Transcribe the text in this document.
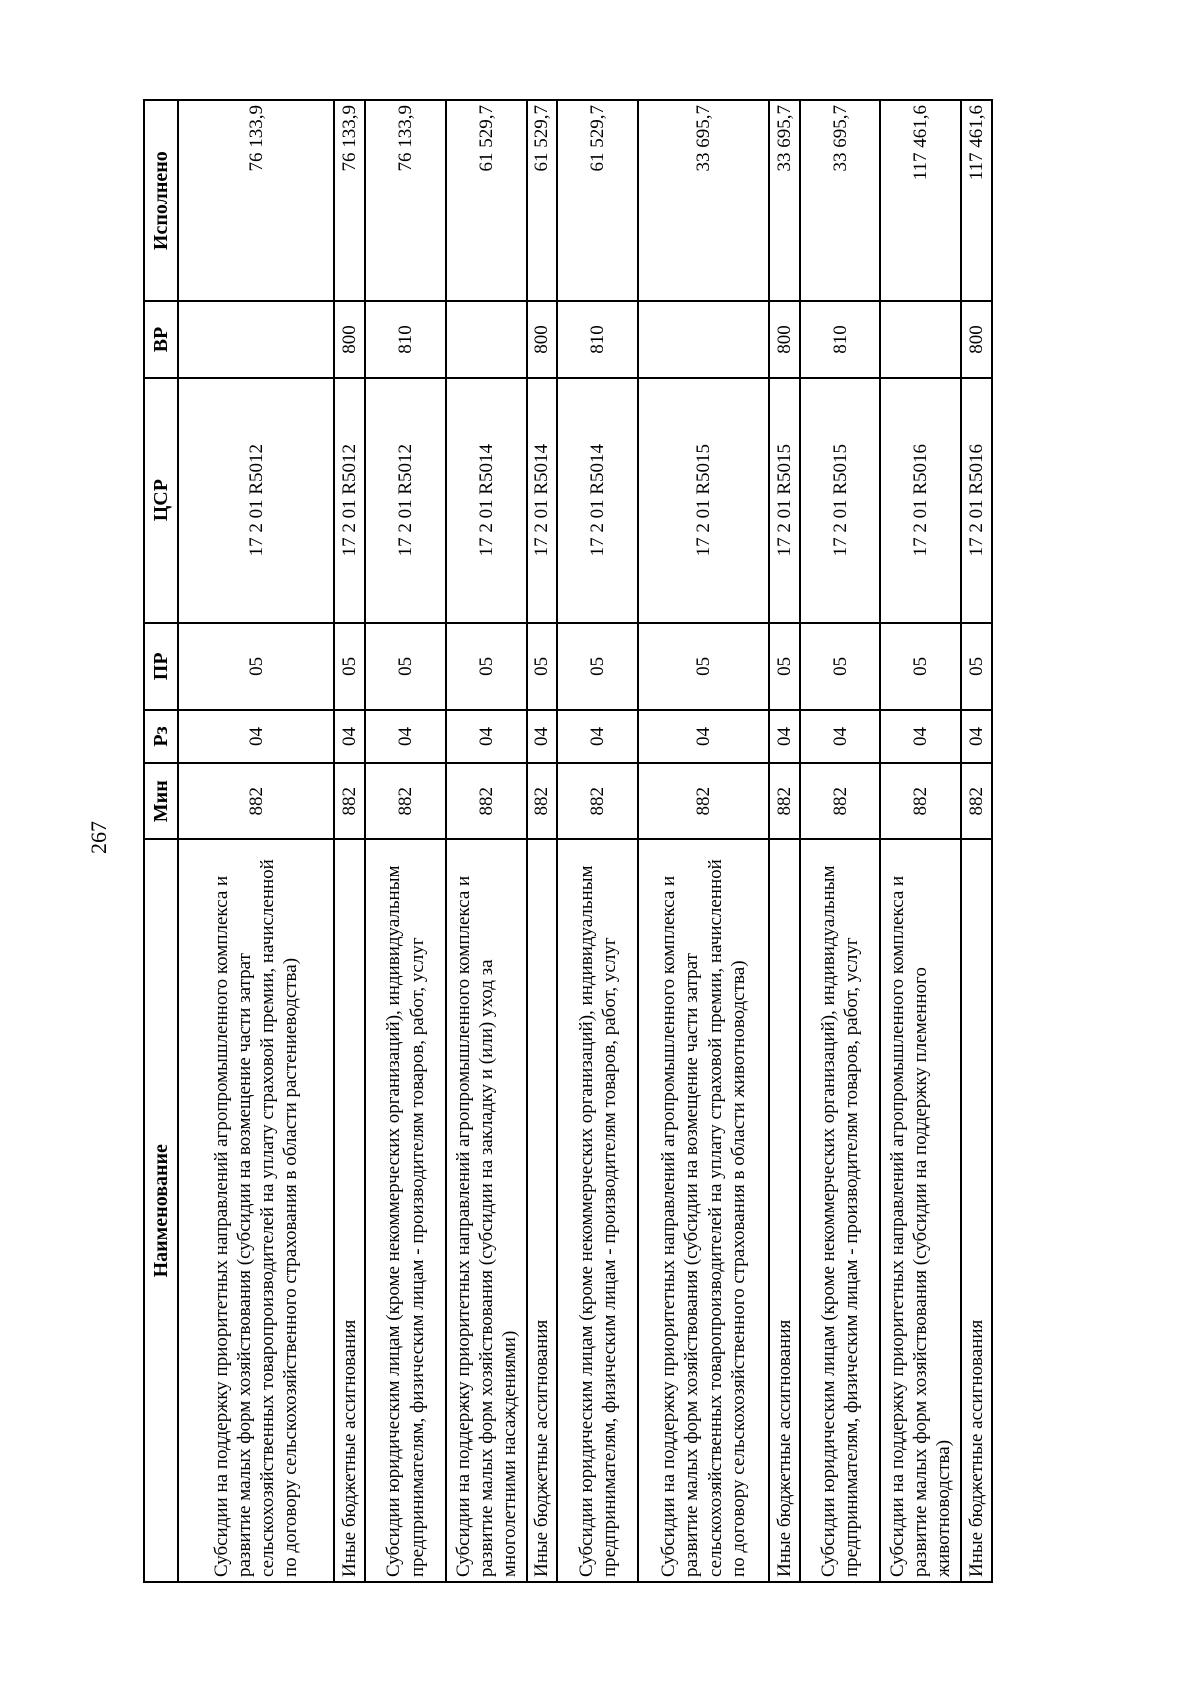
267
Наименование	Мин	Рз	ПР	ЦСР	ВР	Исполнено
Субсидии на поддержку приоритетных направлений агропромышленного комплекса и развитие малых форм хозяйствования (субсидии на возмещение части затрат сельскохозяйственных товаропроизводителей на уплату страховой премии, начисленной по договору сельскохозяйственного страхования в области растениеводства)	882	04	05	17 2 01 R5012		76 133,9
Иные бюджетные ассигнования	882	04	05	17 2 01 R5012	800	76 133,9
Субсидии юридическим лицам (кроме некоммерческих организаций), индивидуальным предпринимателям, физическим лицам - производителям товаров, работ, услуг	882	04	05	17 2 01 R5012	810	76 133,9
Субсидии на поддержку приоритетных направлений агропромышленного комплекса и развитие малых форм хозяйствования (субсидии на закладку и (или) уход за многолетними насаждениями)	882	04	05	17 2 01 R5014		61 529,7
Иные бюджетные ассигнования	882	04	05	17 2 01 R5014	800	61 529,7
Субсидии юридическим лицам (кроме некоммерческих организаций), индивидуальным предпринимателям, физическим лицам - производителям товаров, работ, услуг	882	04	05	17 2 01 R5014	810	61 529,7
Субсидии на поддержку приоритетных направлений агропромышленного комплекса и развитие малых форм хозяйствования (субсидии на возмещение части затрат сельскохозяйственных товаропроизводителей на уплату страховой премии, начисленной по договору сельскохозяйственного страхования в области животноводства)	882	04	05	17 2 01 R5015		33 695,7
Иные бюджетные ассигнования	882	04	05	17 2 01 R5015	800	33 695,7
Субсидии юридическим лицам (кроме некоммерческих организаций), индивидуальным предпринимателям, физическим лицам - производителям товаров, работ, услуг	882	04	05	17 2 01 R5015	810	33 695,7
Субсидии на поддержку приоритетных направлений агропромышленного комплекса и развитие малых форм хозяйствования (субсидии на поддержку племенного животноводства)	882	04	05	17 2 01 R5016		117 461,6
Иные бюджетные ассигнования	882	04	05	17 2 01 R5016	800	117 461,6
